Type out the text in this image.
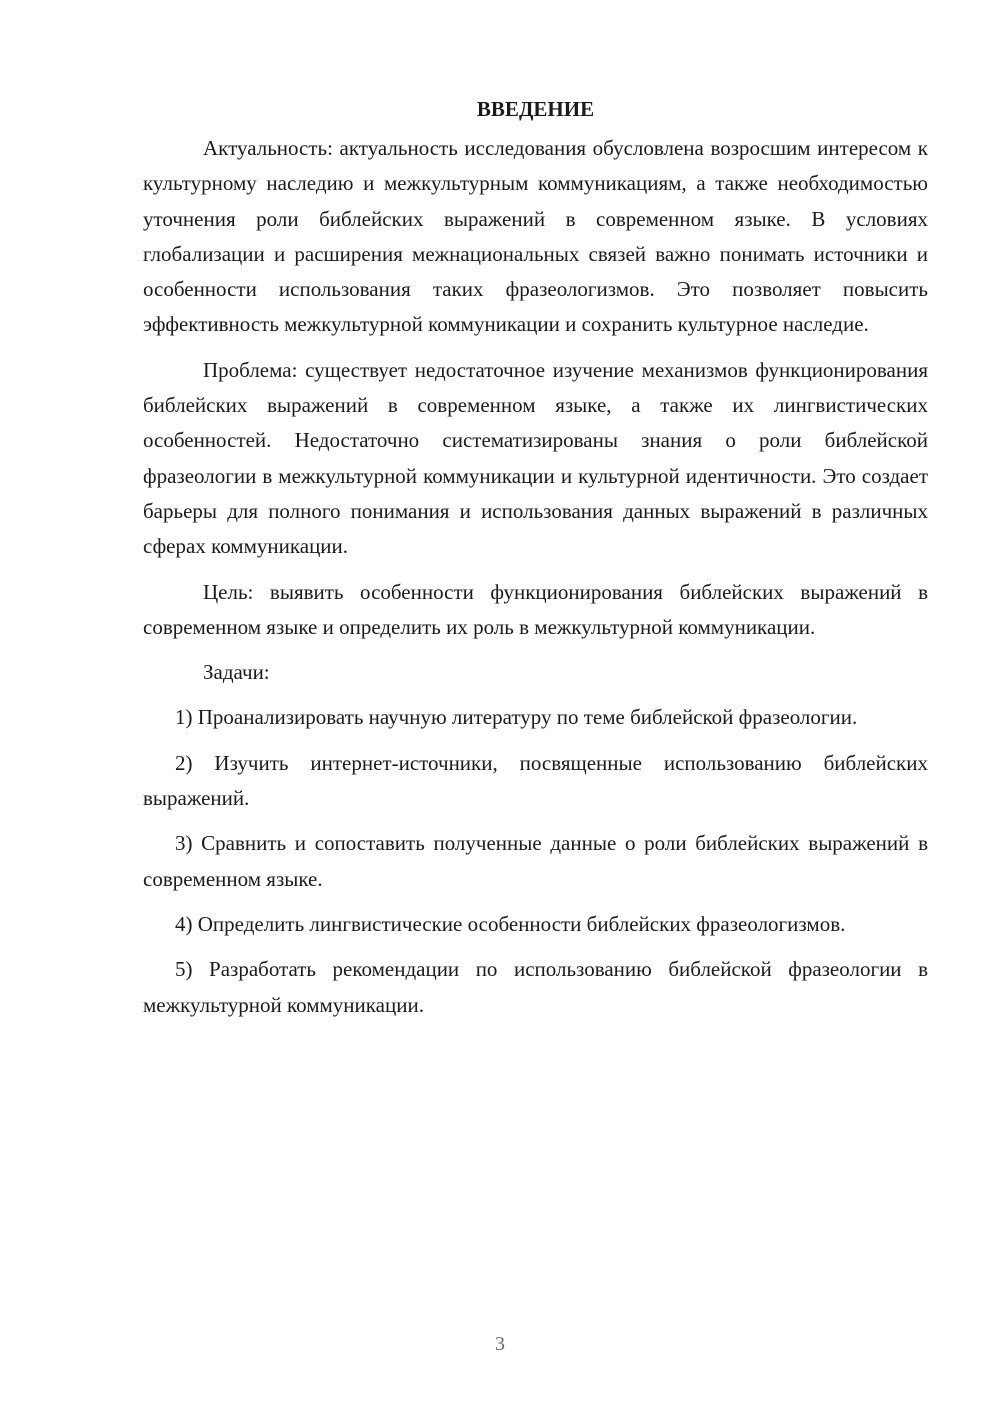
ВВЕДЕНИЕ

Актуальность: актуальность исследования обусловлена возросшим интересом к культурному наследию и межкультурным коммуникациям, а также необходимостью уточнения роли библейских выражений в современном языке. В условиях глобализации и расширения межнациональных связей важно понимать источники и особенности использования таких фразеологизмов. Это позволяет повысить эффективность межкультурной коммуникации и сохранить культурное наследие.

Проблема: существует недостаточное изучение механизмов функционирования библейских выражений в современном языке, а также их лингвистических особенностей. Недостаточно систематизированы знания о роли библейской фразеологии в межкультурной коммуникации и культурной идентичности. Это создает барьеры для полного понимания и использования данных выражений в различных сферах коммуникации.

Цель: выявить особенности функционирования библейских выражений в современном языке и определить их роль в межкультурной коммуникации.

Задачи:

1) Проанализировать научную литературу по теме библейской фразеологии.

2) Изучить интернет-источники, посвященные использованию библейских выражений.

3) Сравнить и сопоставить полученные данные о роли библейских выражений в современном языке.

4) Определить лингвистические особенности библейских фразеологизмов.

5) Разработать рекомендации по использованию библейской фразеологии в межкультурной коммуникации.

3
